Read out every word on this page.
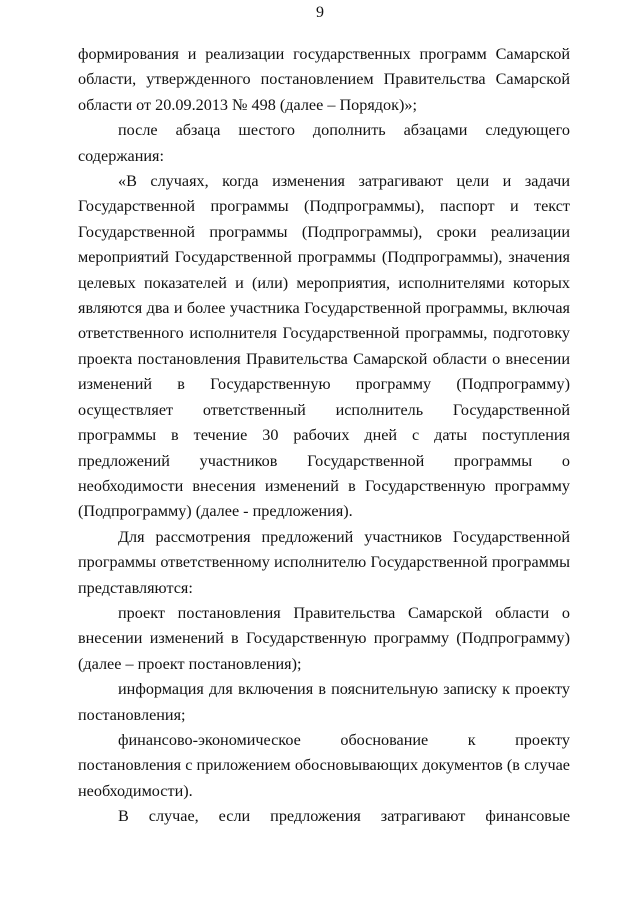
9

формирования и реализации государственных программ Самарской области, утвержденного постановлением Правительства Самарской области от 20.09.2013 № 498 (далее – Порядок)»;

после абзаца шестого дополнить абзацами следующего содержания:

«В случаях, когда изменения затрагивают цели и задачи Государственной программы (Подпрограммы), паспорт и текст Государственной программы (Подпрограммы), сроки реализации мероприятий Государственной программы (Подпрограммы), значения целевых показателей и (или) мероприятия, исполнителями которых являются два и более участника Государственной программы, включая ответственного исполнителя Государственной программы, подготовку проекта постановления Правительства Самарской области о внесении изменений в Государственную программу (Подпрограмму) осуществляет ответственный исполнитель Государственной программы в течение 30 рабочих дней с даты поступления предложений участников Государственной программы о необходимости внесения изменений в Государственную программу (Подпрограмму) (далее - предложения).

Для рассмотрения предложений участников Государственной программы ответственному исполнителю Государственной программы представляются:

проект постановления Правительства Самарской области о внесении изменений в Государственную программу (Подпрограмму) (далее – проект постановления);

информация для включения в пояснительную записку к проекту постановления;

финансово-экономическое обоснование к проекту постановления с приложением обосновывающих документов (в случае необходимости).

В случае, если предложения затрагивают финансовые
